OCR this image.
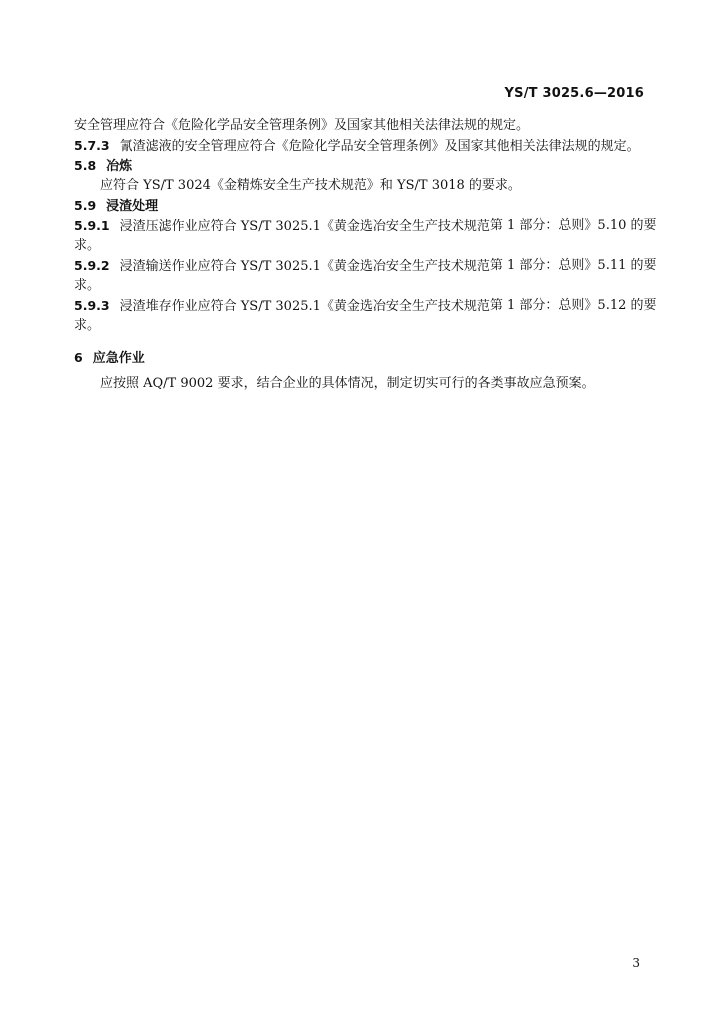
YS/T 3025.6—2016
安全管理应符合《危险化学品安全管理条例》及国家其他相关法律法规的规定。
5.7.3 氰渣滤液的安全管理应符合《危险化学品安全管理条例》及国家其他相关法律法规的规定。
5.8 冶炼
应符合 YS/T 3024《金精炼安全生产技术规范》和 YS/T 3018 的要求。
5.9 浸渣处理
5.9.1 浸渣压滤作业应符合 YS/T 3025.1《黄金选冶安全生产技术规范 第 1 部分：总则》5.10 的要
求。
5.9.2 浸渣输送作业应符合 YS/T 3025.1《黄金选冶安全生产技术规范 第 1 部分：总则》5.11 的要
求。
5.9.3 浸渣堆存作业应符合 YS/T 3025.1《黄金选冶安全生产技术规范 第 1 部分：总则》5.12 的要
求。
6 应急作业
应按照 AQ/T 9002 要求，结合企业的具体情况，制定切实可行的各类事故应急预案。
3
